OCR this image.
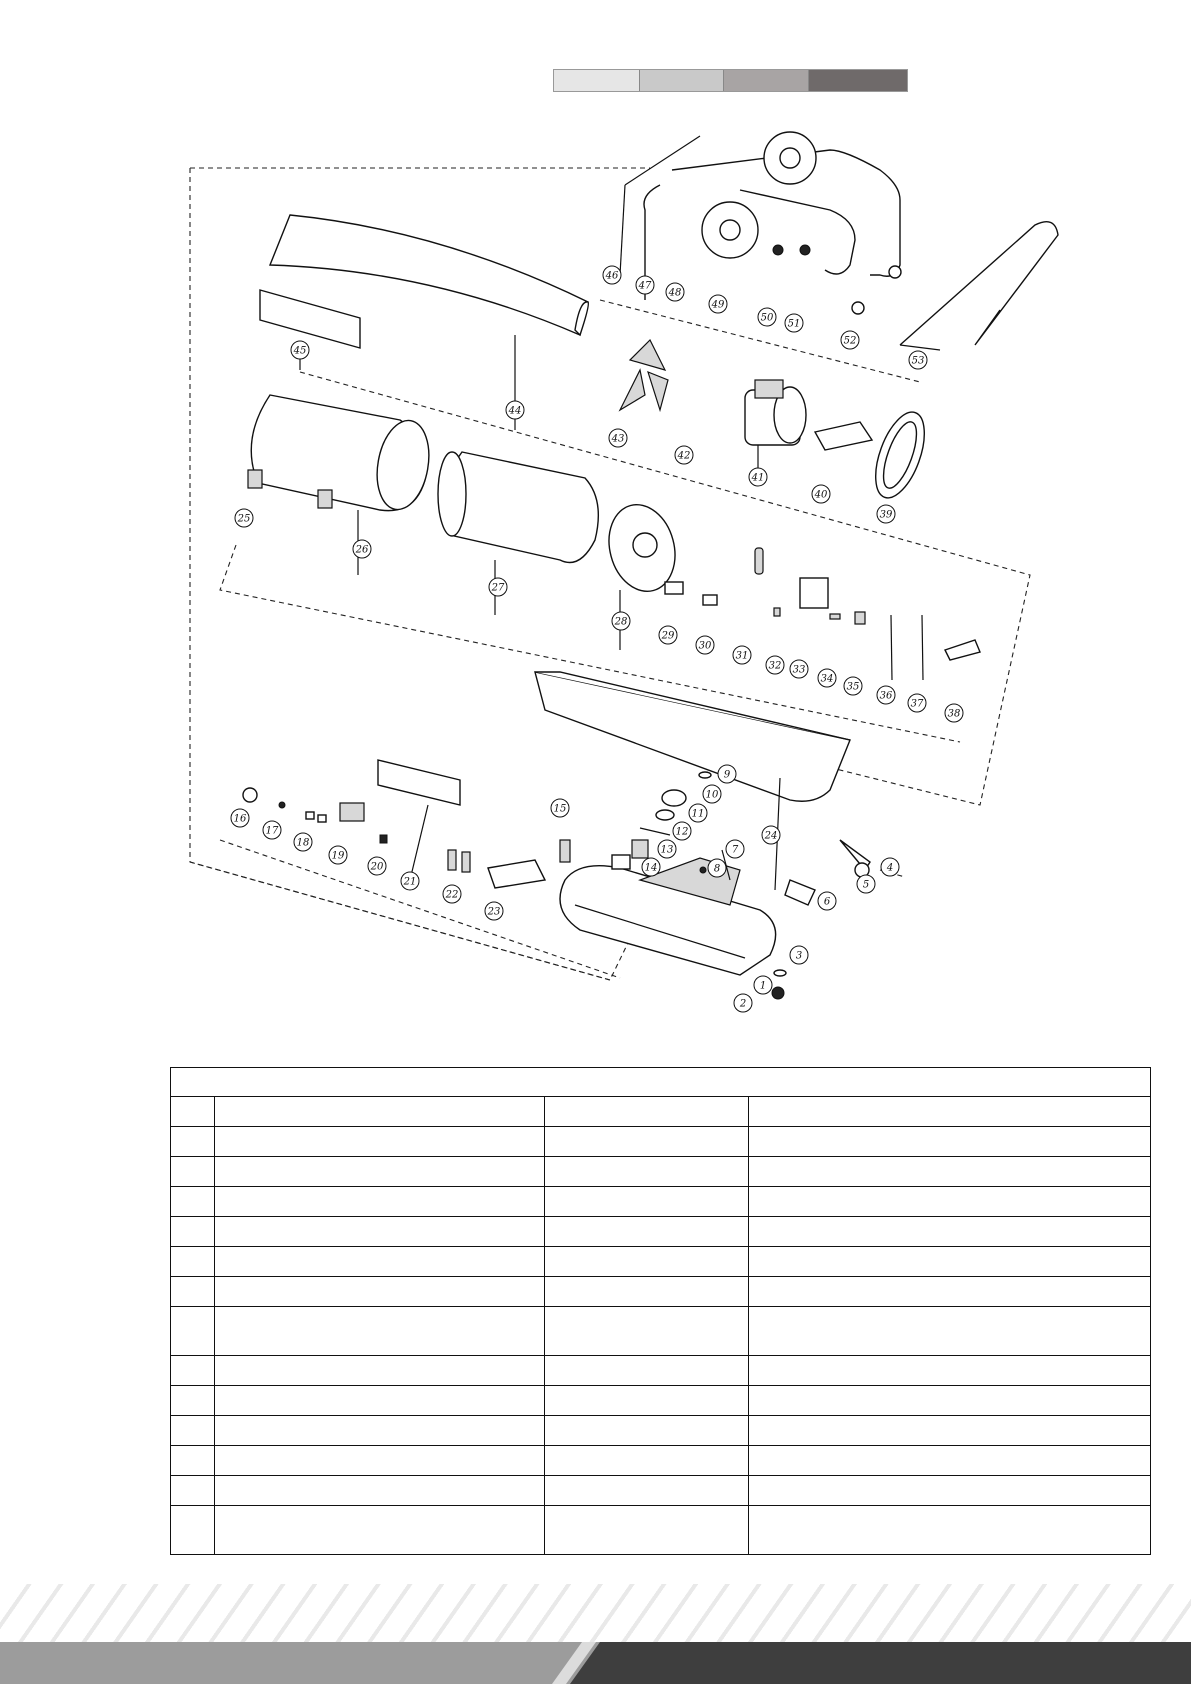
1
2
3
4
5
6
7
8
9
10
11
12
13
14
15
16
17
18
19
20
21
22
23
24
25
26
27
28
29
30
31
32 33
34
35
36
37
38
39
40
41
42
43
44
45
46
47
48
49
50
51
52
53
